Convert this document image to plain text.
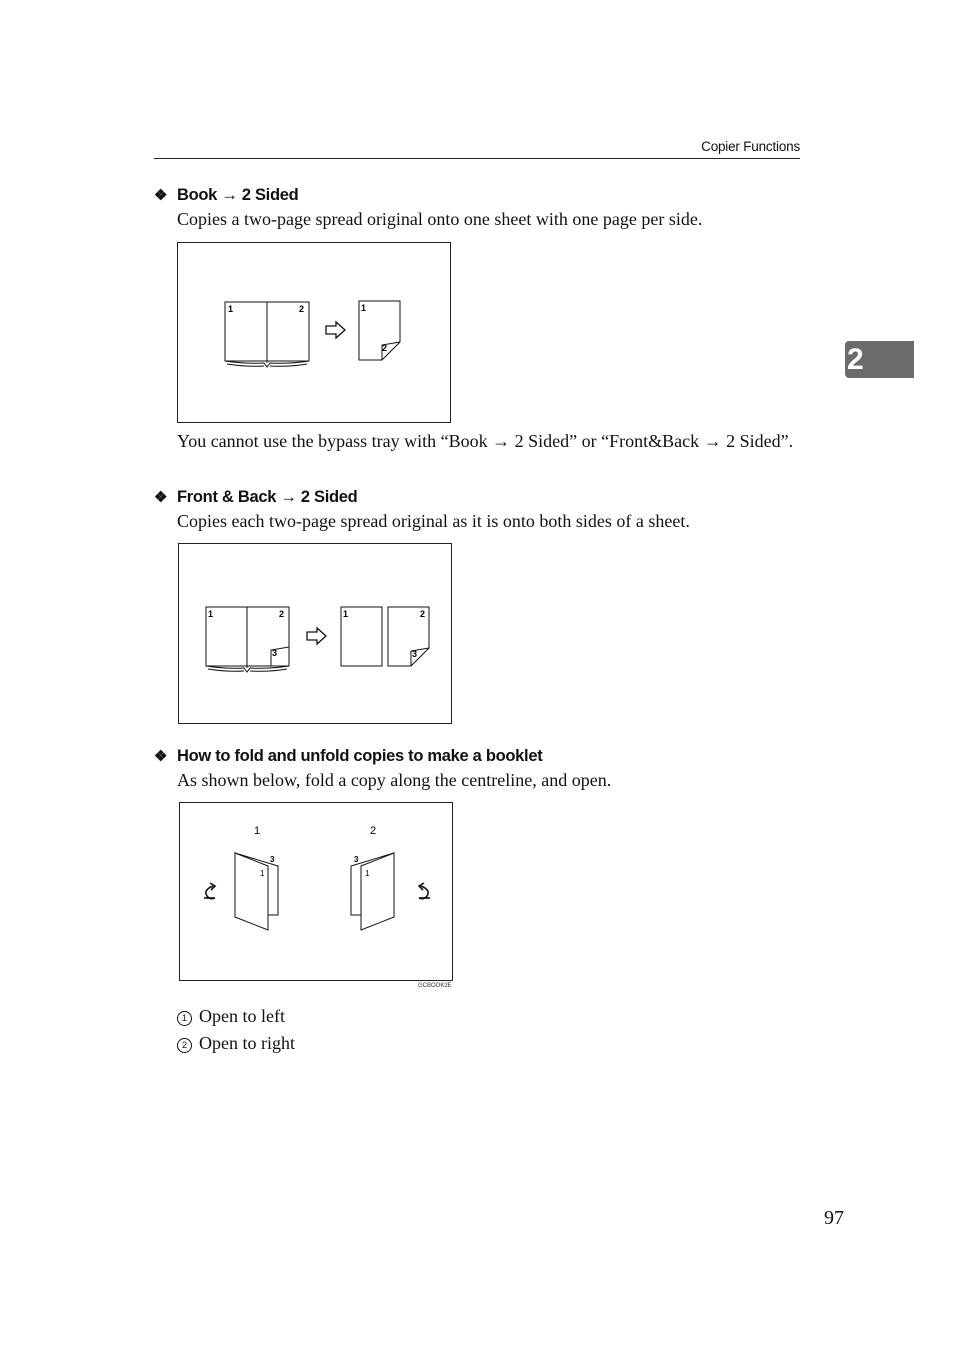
Copier Functions
2
❖ Book → 2 Sided
Copies a two-page spread original onto one sheet with one page per side.
1	2	1
2
You cannot use the bypass tray with “Book → 2 Sided” or “Front&Back → 2 Sided”.
❖ Front & Back → 2 Sided
Copies each two-page spread original as it is onto both sides of a sheet.
1	2
3
1	2
3
❖ How to fold and unfold copies to make a booklet
As shown below, fold a copy along the centreline, and open.
1	2
3
1
3
1
GCBOOK2E
1 Open to left
2 Open to right
97
